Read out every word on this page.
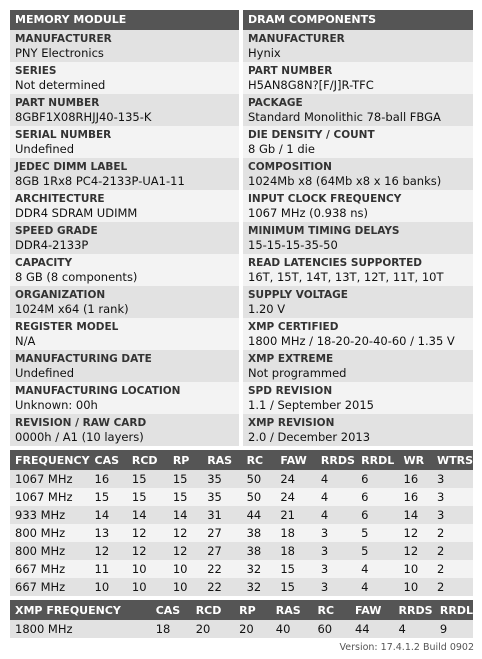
MEMORY MODULE	DRAM COMPONENTS
MANUFACTURER
PNY Electronics
MANUFACTURER
Hynix
SERIES
Not determined
PART NUMBER
H5AN8G8N?[F/J]R-TFC
PART NUMBER
8GBF1X08RHJJ40-135-K
PACKAGE
Standard Monolithic 78-ball FBGA
SERIAL NUMBER
Undefined
DIE DENSITY / COUNT
8 Gb / 1 die
JEDEC DIMM LABEL
8GB 1Rx8 PC4-2133P-UA1-11
COMPOSITION
1024Mb x8 (64Mb x8 x 16 banks)
ARCHITECTURE
DDR4 SDRAM UDIMM
INPUT CLOCK FREQUENCY
1067 MHz (0.938 ns)
SPEED GRADE
DDR4-2133P
MINIMUM TIMING DELAYS
15-15-15-35-50
CAPACITY
8 GB (8 components)
READ LATENCIES SUPPORTED
16T, 15T, 14T, 13T, 12T, 11T, 10T
ORGANIZATION
1024M x64 (1 rank)
SUPPLY VOLTAGE
1.20 V
REGISTER MODEL
N/A
XMP CERTIFIED
1800 MHz / 18-20-20-40-60 / 1.35 V
MANUFACTURING DATE
Undefined
XMP EXTREME
Not programmed
MANUFACTURING LOCATION
Unknown: 00h
SPD REVISION
1.1 / September 2015
REVISION / RAW CARD
0000h / A1 (10 layers)
XMP REVISION
2.0 / December 2013
FREQUENCY	CAS	RCD	RP	RAS	RC	FAW	RRDS	RRDL	WR	WTRS
1067 MHz	16	15	15	35	50	24	4	6	16	3
1067 MHz	15	15	15	35	50	24	4	6	16	3
933 MHz	14	14	14	31	44	21	4	6	14	3
800 MHz	13	12	12	27	38	18	3	5	12	2
800 MHz	12	12	12	27	38	18	3	5	12	2
667 MHz	11	10	10	22	32	15	3	4	10	2
667 MHz	10	10	10	22	32	15	3	4	10	2
XMP FREQUENCY	CAS	RCD	RP	RAS	RC	FAW	RRDS	RRDL
1800 MHz	18	20	20	40	60	44	4	9
Version: 17.4.1.2 Build 0902
